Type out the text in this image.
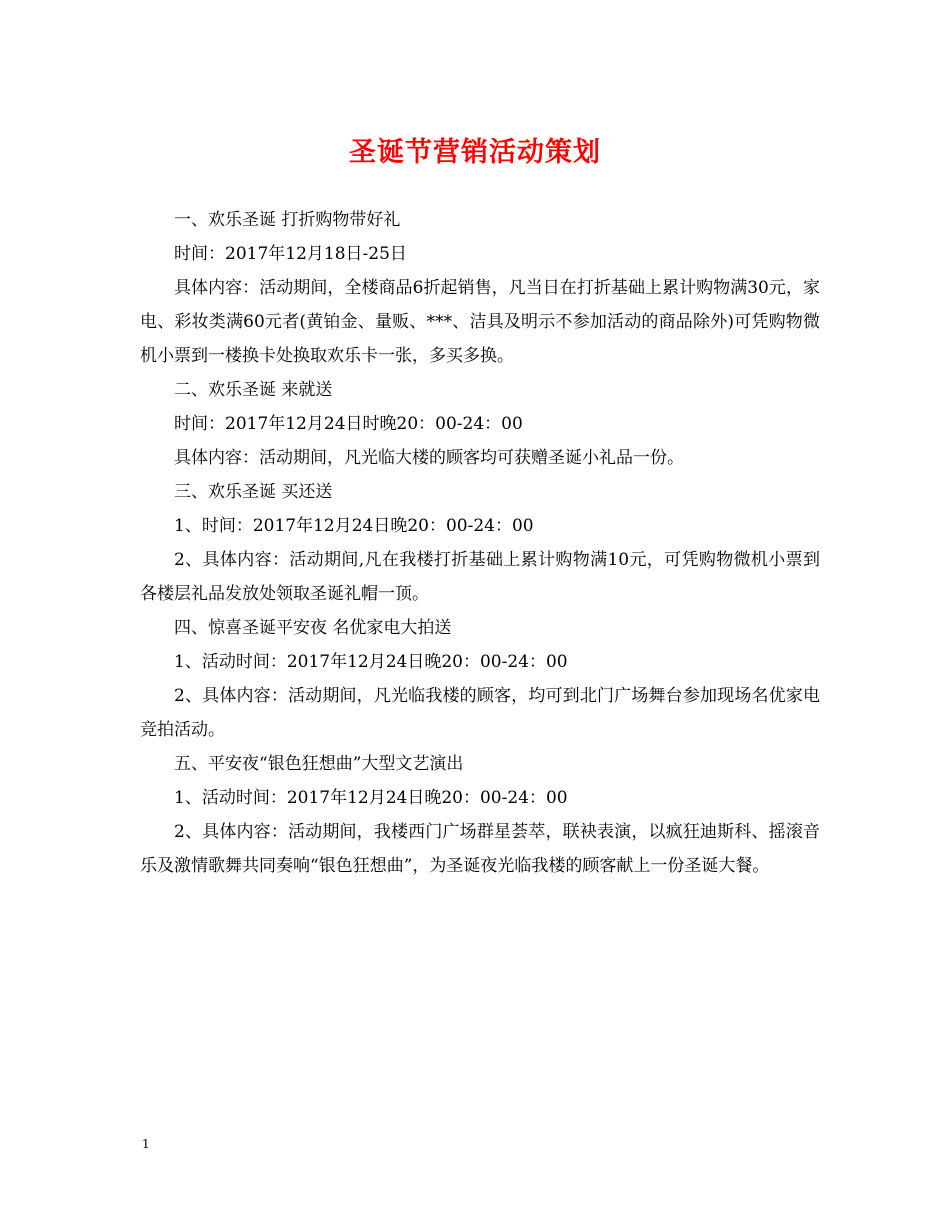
圣诞节营销活动策划

一、欢乐圣诞 打折购物带好礼

时间：2017年12月18日-25日

具体内容：活动期间，全楼商品6折起销售，凡当日在打折基础上累计购物满30元，家电、彩妆类满60元者(黄铂金、量贩、***、洁具及明示不参加活动的商品除外)可凭购物微机小票到一楼换卡处换取欢乐卡一张，多买多换。

二、欢乐圣诞 来就送

时间：2017年12月24日时晚20：00-24：00

具体内容：活动期间，凡光临大楼的顾客均可获赠圣诞小礼品一份。

三、欢乐圣诞 买还送

1、时间：2017年12月24日晚20：00-24：00

2、具体内容：活动期间,凡在我楼打折基础上累计购物满10元，可凭购物微机小票到各楼层礼品发放处领取圣诞礼帽一顶。

四、惊喜圣诞平安夜 名优家电大拍送

1、活动时间：2017年12月24日晚20：00-24：00

2、具体内容：活动期间，凡光临我楼的顾客，均可到北门广场舞台参加现场名优家电竞拍活动。

五、平安夜“银色狂想曲”大型文艺演出

1、活动时间：2017年12月24日晚20：00-24：00

2、具体内容：活动期间，我楼西门广场群星荟萃，联袂表演，以疯狂迪斯科、摇滚音乐及激情歌舞共同奏响“银色狂想曲”，为圣诞夜光临我楼的顾客献上一份圣诞大餐。

1
